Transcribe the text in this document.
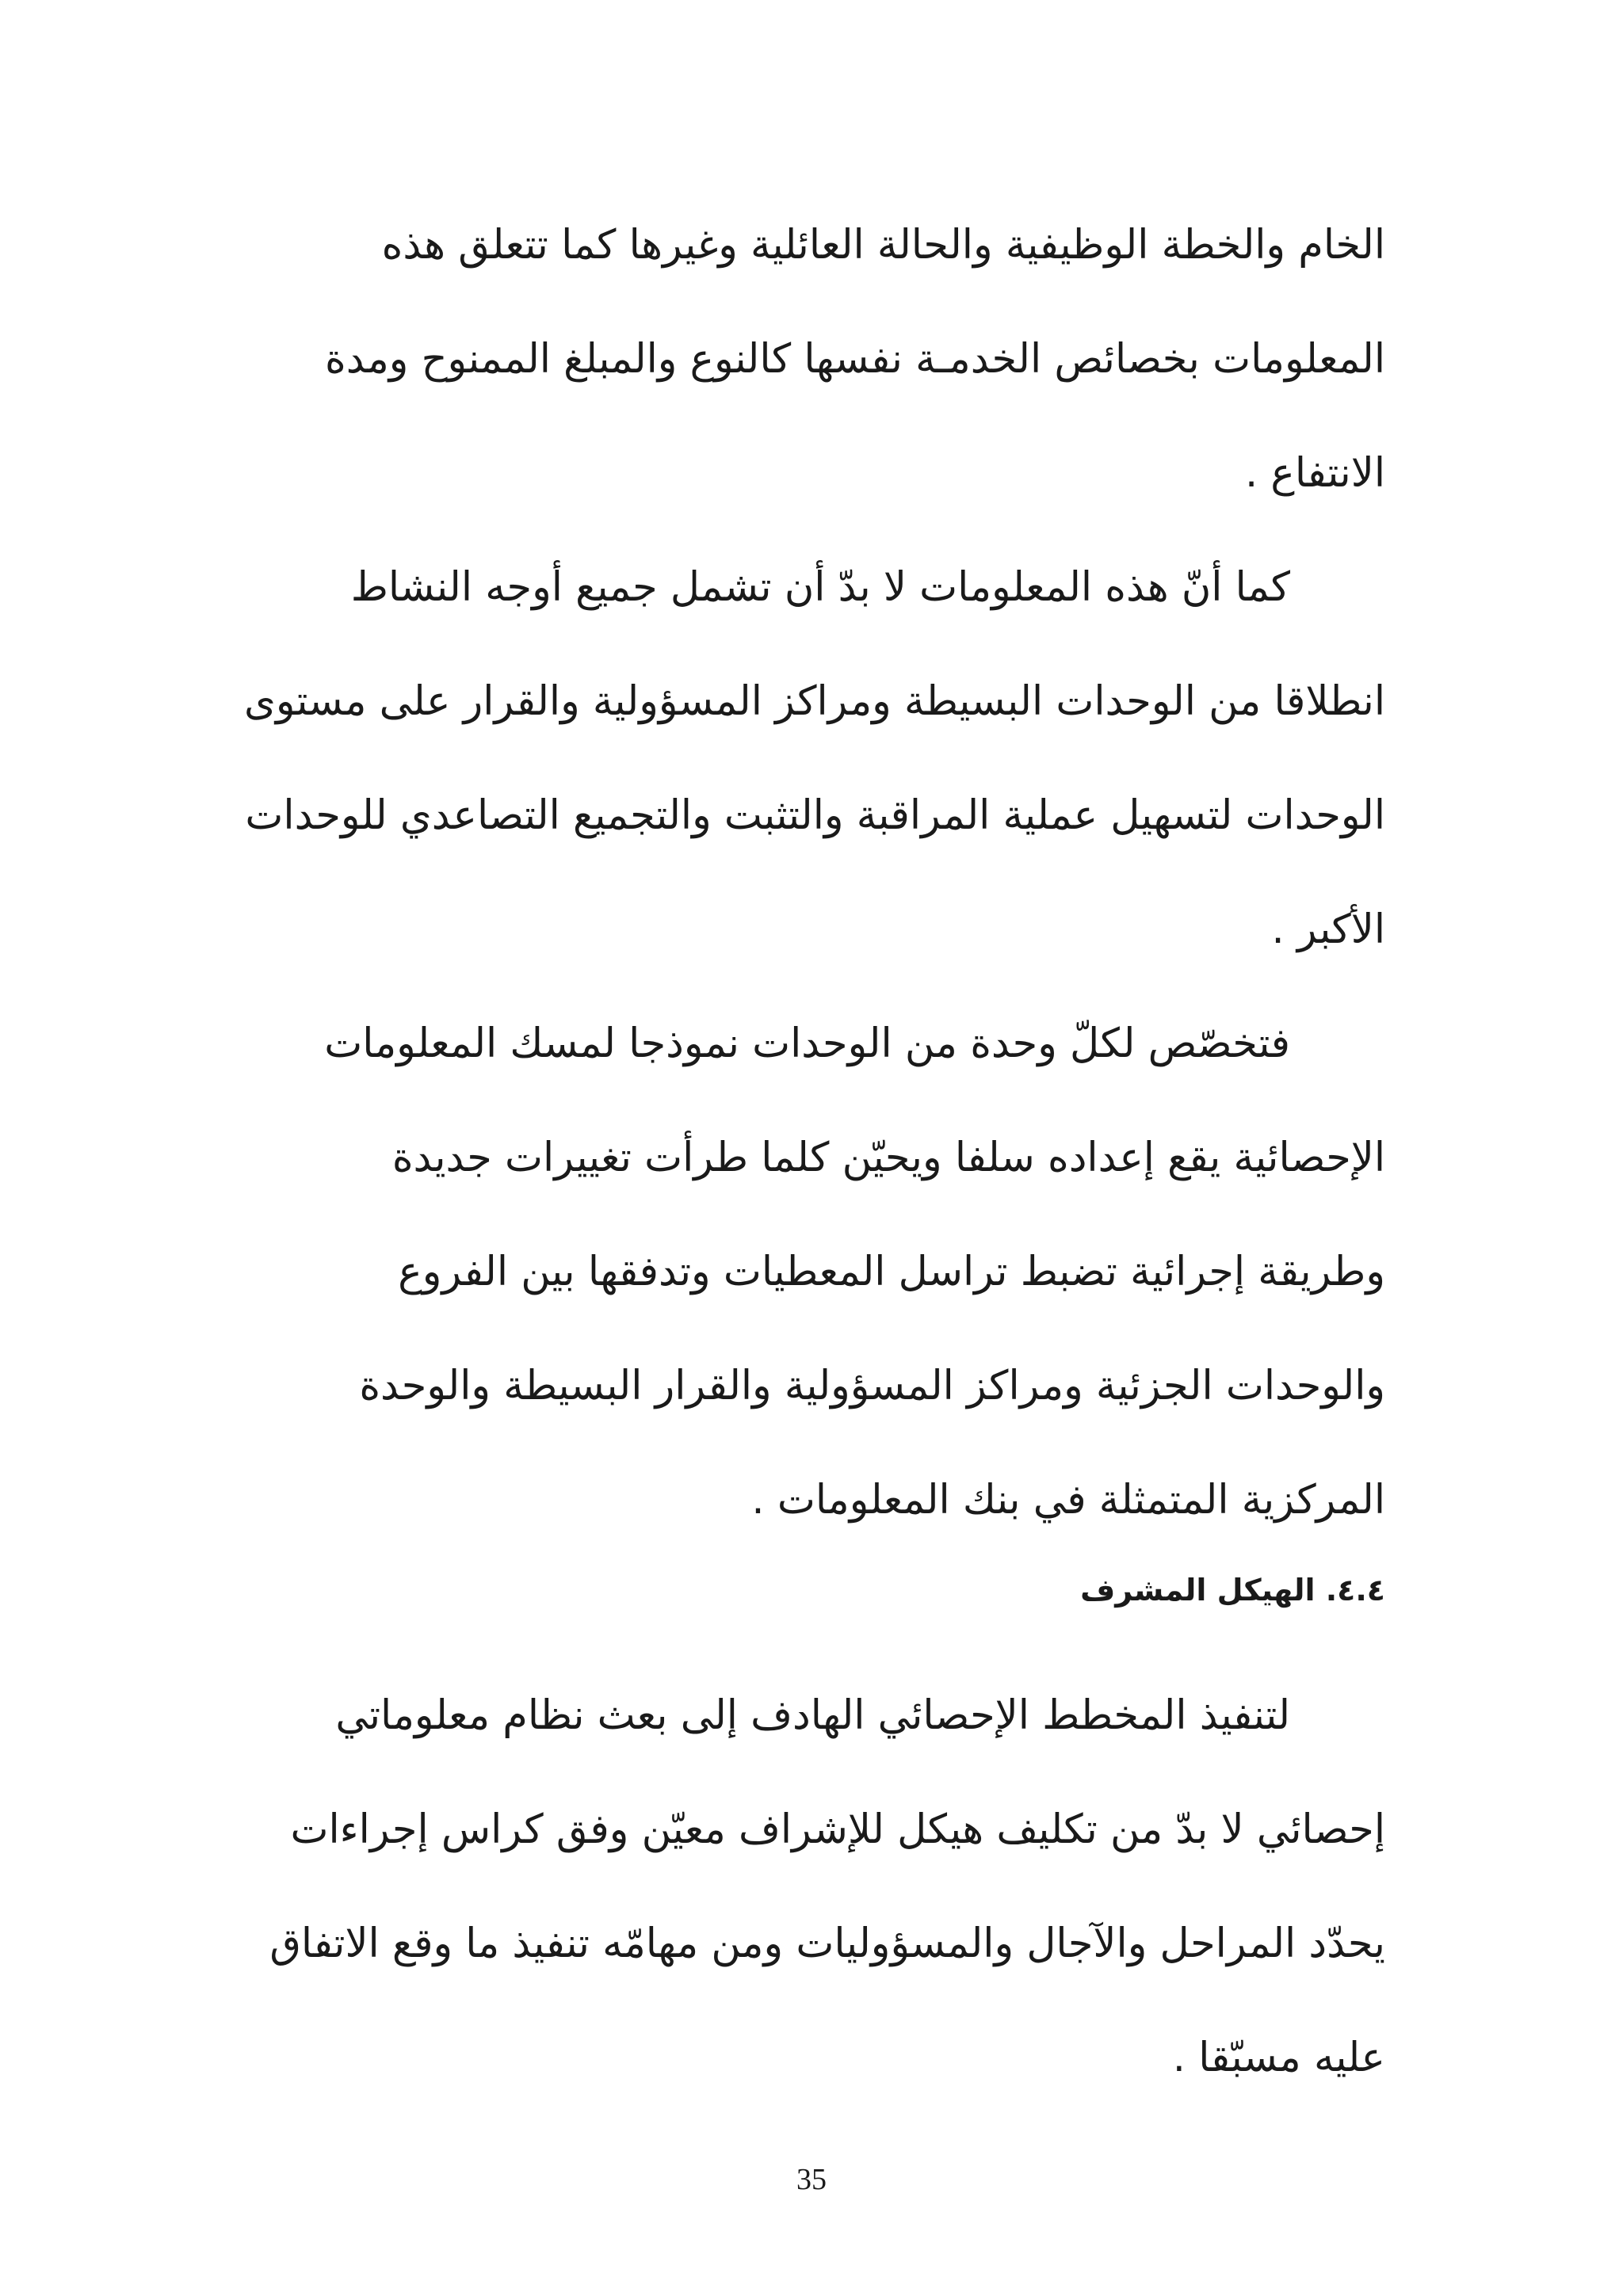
الخام والخطة الوظيفية والحالة العائلية وغيرها كما تتعلق هذه
المعلومات بخصائص الخدمـة نفسها كالنوع والمبلغ الممنوح ومدة
الانتفاع .
كما أنّ هذه المعلومات لا بدّ أن تشمل جميع أوجه النشاط
انطلاقا من الوحدات البسيطة ومراكز المسؤولية والقرار على مستوى
الوحدات لتسهيل عملية المراقبة والتثبت والتجميع التصاعدي للوحدات
الأكبر .
فتخصّص لكلّ وحدة من الوحدات نموذجا لمسك المعلومات
الإحصائية يقع إعداده سلفا ويحيّن كلما طرأت تغييرات جديدة
وطريقة إجرائية تضبط تراسل المعطيات وتدفقها بين الفروع
والوحدات الجزئية ومراكز المسؤولية والقرار البسيطة والوحدة
المركزية المتمثلة في بنك المعلومات .
٤.٤. الهيكل المشرف
لتنفيذ المخطط الإحصائي الهادف إلى بعث نظام معلوماتي
إحصائي لا بدّ من تكليف هيكل للإشراف معيّن وفق كراس إجراءات
يحدّد المراحل والآجال والمسؤوليات ومن مهامّه تنفيذ ما وقع الاتفاق
عليه مسبّقا .
35
